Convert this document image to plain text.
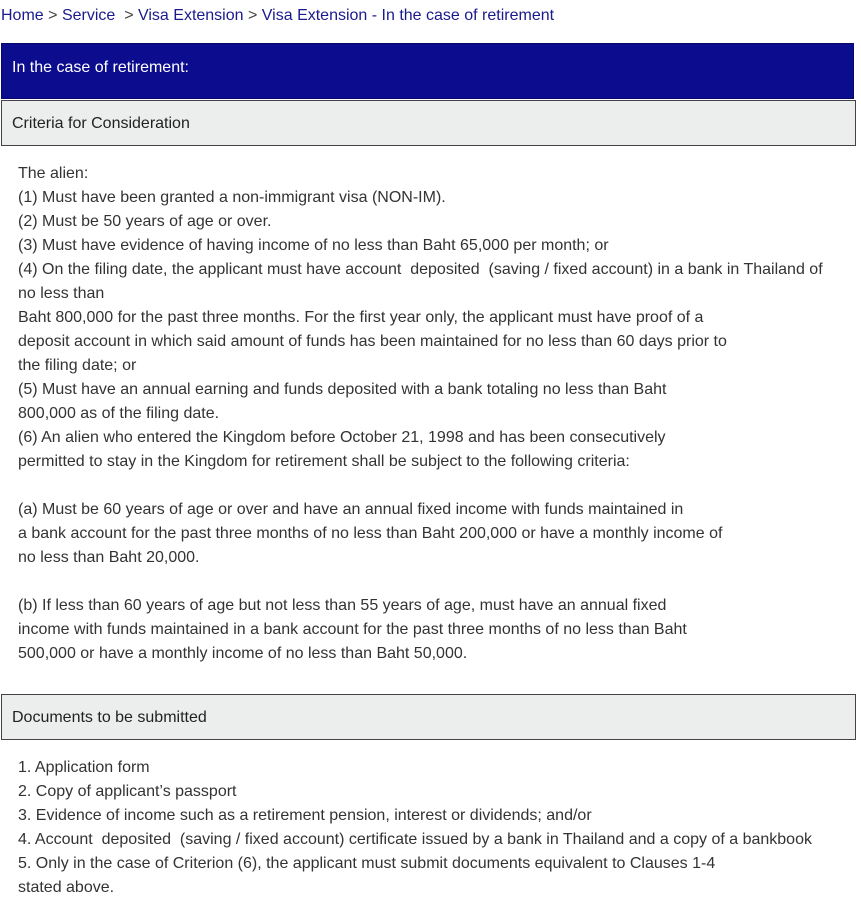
Home > Service > Visa Extension > Visa Extension - In the case of retirement
In the case of retirement:
Criteria for Consideration
The alien:
(1) Must have been granted a non-immigrant visa (NON-IM).
(2) Must be 50 years of age or over.
(3) Must have evidence of having income of no less than Baht 65,000 per month; or
(4) On the filing date, the applicant must have account  deposited  (saving / fixed account) in a bank in Thailand of
no less than
Baht 800,000 for the past three months. For the first year only, the applicant must have proof of a
deposit account in which said amount of funds has been maintained for no less than 60 days prior to
the filing date; or
(5) Must have an annual earning and funds deposited with a bank totaling no less than Baht
800,000 as of the filing date.
(6) An alien who entered the Kingdom before October 21, 1998 and has been consecutively
permitted to stay in the Kingdom for retirement shall be subject to the following criteria:
(a) Must be 60 years of age or over and have an annual fixed income with funds maintained in
a bank account for the past three months of no less than Baht 200,000 or have a monthly income of
no less than Baht 20,000.
(b) If less than 60 years of age but not less than 55 years of age, must have an annual fixed
income with funds maintained in a bank account for the past three months of no less than Baht
500,000 or have a monthly income of no less than Baht 50,000.
Documents to be submitted
1. Application form
2. Copy of applicant’s passport
3. Evidence of income such as a retirement pension, interest or dividends; and/or
4. Account  deposited  (saving / fixed account) certificate issued by a bank in Thailand and a copy of a bankbook
5. Only in the case of Criterion (6), the applicant must submit documents equivalent to Clauses 1-4
stated above.
